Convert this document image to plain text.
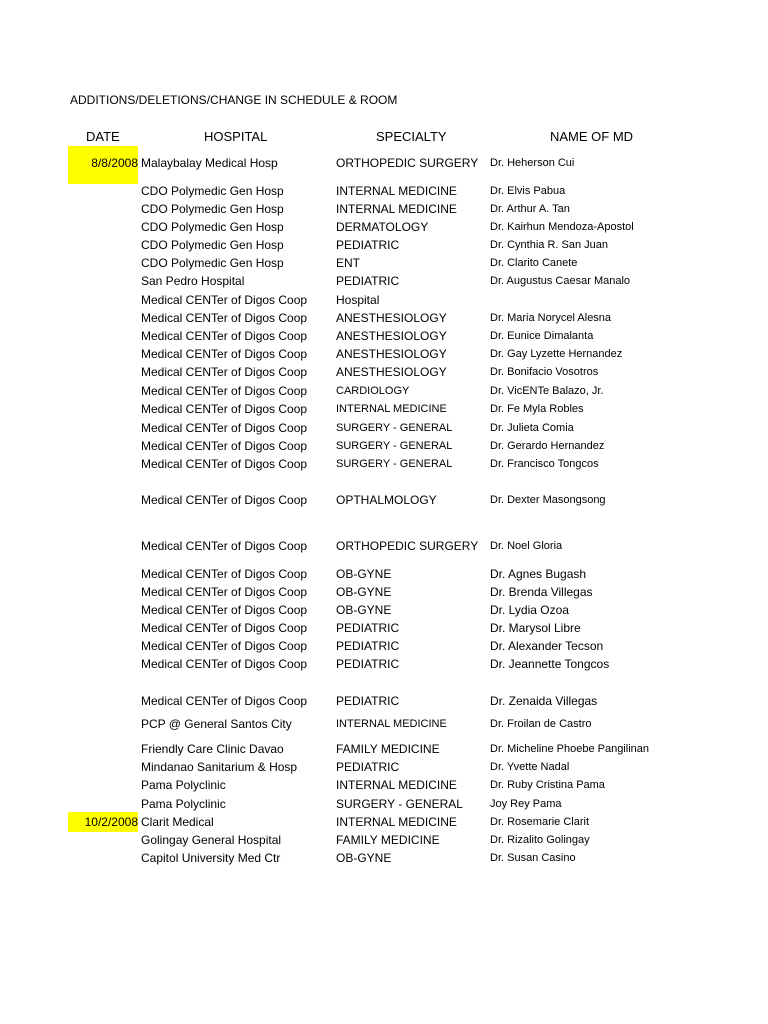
ADDITIONS/DELETIONS/CHANGE IN SCHEDULE & ROOM
DATE	HOSPITAL	SPECIALTY	NAME OF MD
8/8/2008 Malaybalay Medical Hosp	ORTHOPEDIC SURGERY Dr. Heherson Cui
CDO Polymedic Gen Hosp	INTERNAL MEDICINE	Dr. Elvis Pabua
CDO Polymedic Gen Hosp	INTERNAL MEDICINE	Dr. Arthur A. Tan
CDO Polymedic Gen Hosp	DERMATOLOGY	Dr. Kairhun Mendoza-Apostol
CDO Polymedic Gen Hosp	PEDIATRIC	Dr. Cynthia R. San Juan
CDO Polymedic Gen Hosp	ENT	Dr. Clarito Canete
San Pedro Hospital	PEDIATRIC	Dr. Augustus Caesar Manalo
Medical CENTer of Digos Coop Hospital
Medical CENTer of Digos Coop ANESTHESIOLOGY	Dr. Maria Norycel Alesna
Medical CENTer of Digos Coop ANESTHESIOLOGY	Dr. Eunice Dimalanta
Medical CENTer of Digos Coop ANESTHESIOLOGY	Dr. Gay Lyzette Hernandez
Medical CENTer of Digos Coop ANESTHESIOLOGY	Dr. Bonifacio Vosotros
Medical CENTer of Digos Coop	CARDIOLOGY	Dr. VicENTe Balazo, Jr.
Medical CENTer of Digos Coop	INTERNAL MEDICINE	Dr. Fe Myla Robles
Medical CENTer of Digos Coop	SURGERY - GENERAL	Dr. Julieta Comia
Medical CENTer of Digos Coop	SURGERY - GENERAL	Dr. Gerardo Hernandez
Medical CENTer of Digos Coop	SURGERY - GENERAL	Dr. Francisco Tongcos
Medical CENTer of Digos Coop OPTHALMOLOGY	Dr. Dexter Masongsong
Medical CENTer of Digos Coop ORTHOPEDIC SURGERY Dr. Noel Gloria
Medical CENTer of Digos Coop OB-GYNE	Dr. Agnes Bugash
Medical CENTer of Digos Coop OB-GYNE	Dr. Brenda Villegas
Medical CENTer of Digos Coop OB-GYNE	Dr. Lydia Ozoa
Medical CENTer of Digos Coop PEDIATRIC	Dr. Marysol Libre
Medical CENTer of Digos Coop PEDIATRIC	Dr. Alexander Tecson
Medical CENTer of Digos Coop PEDIATRIC	Dr. Jeannette Tongcos
Medical CENTer of Digos Coop PEDIATRIC	Dr. Zenaida Villegas
PCP @ General Santos City	INTERNAL MEDICINE	Dr. Froilan de Castro
Friendly Care Clinic Davao	FAMILY MEDICINE	Dr. Micheline Phoebe Pangilinan
Mindanao Sanitarium & Hosp	PEDIATRIC	Dr. Yvette Nadal
Pama Polyclinic	INTERNAL MEDICINE	Dr. Ruby Cristina Pama
Pama Polyclinic	SURGERY - GENERAL Joy Rey Pama
10/2/2008 Clarit Medical	INTERNAL MEDICINE	Dr. Rosemarie Clarit
Golingay General Hospital	FAMILY MEDICINE	Dr. Rizalito Golingay
Capitol University Med Ctr	OB-GYNE	Dr. Susan Casino
